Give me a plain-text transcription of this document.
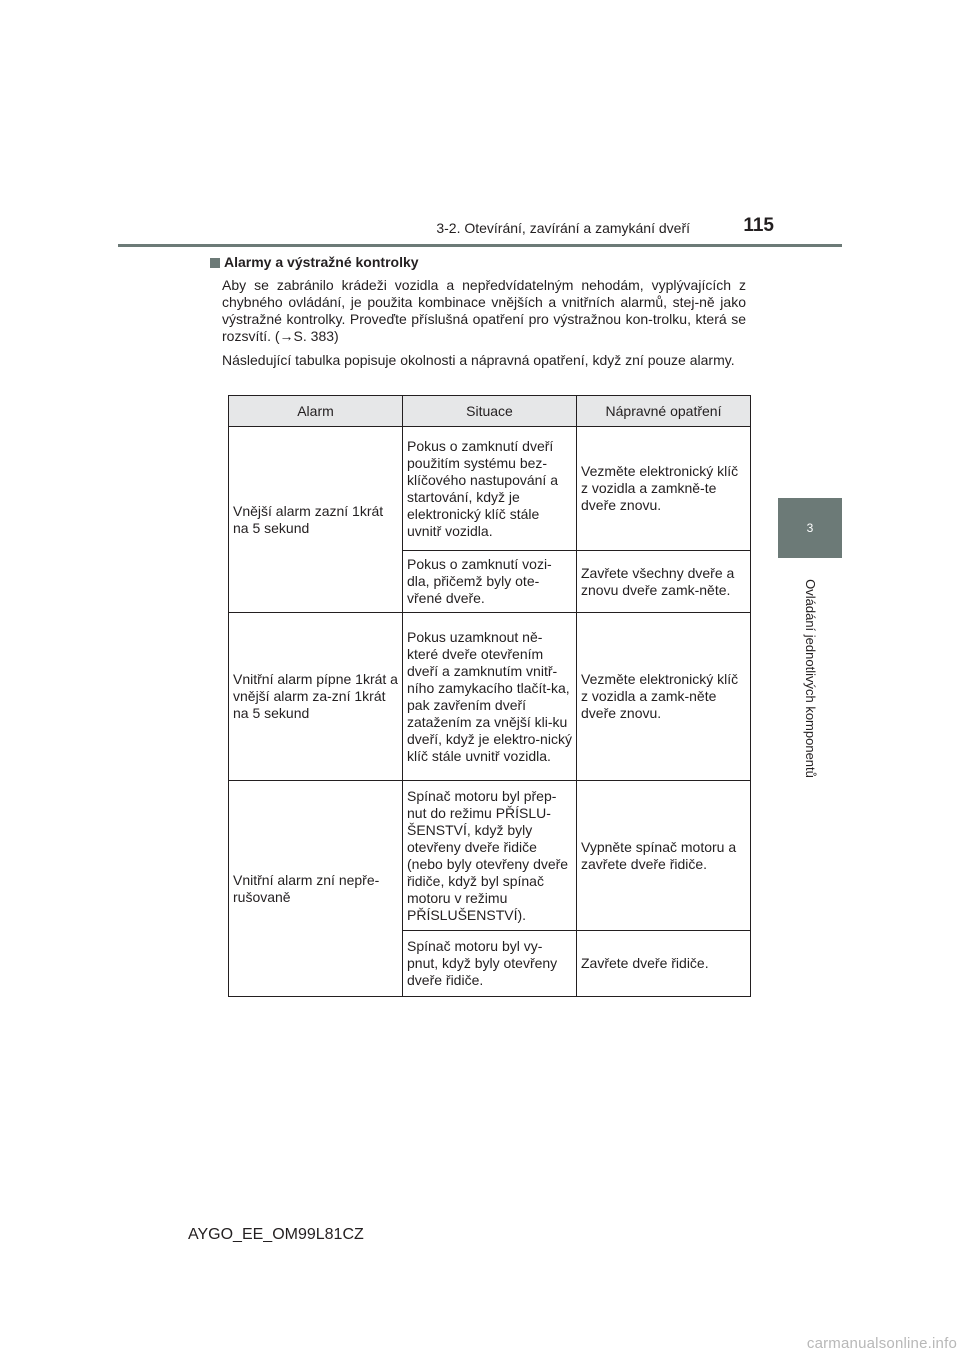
3-2. Otevírání, zavírání a zamykání dveří	115
3
Ovládání jednotlivých komponentů
Alarmy a výstražné kontrolky

Aby se zabránilo krádeži vozidla a nepředvídatelným nehodám, vyplývajících z chybného ovládání, je použita kombinace vnějších a vnitřních alarmů, stej-ně jako výstražné kontrolky. Proveďte příslušná opatření pro výstražnou kon-trolku, která se rozsvítí. (→S. 383)

Následující tabulka popisuje okolnosti a nápravná opatření, když zní pouze alarmy.

Alarm	Situace	Nápravné opatření
Vnější alarm zazní 1krát na 5 sekund	Pokus o zamknutí dveří použitím systému bez-klíčového nastupování a startování, když je elektronický klíč stále uvnitř vozidla.	Vezměte elektronický klíč z vozidla a zamkně-te dveře znovu.
	Pokus o zamknutí vozi-dla, přičemž byly ote-vřené dveře.	Zavřete všechny dveře a znovu dveře zamk-něte.
Vnitřní alarm pípne 1krát a vnější alarm za-zní 1krát na 5 sekund	Pokus uzamknout ně-které dveře otevřením dveří a zamknutím vnitř-ního zamykacího tlačít-ka, pak zavřením dveří zatažením za vnější kli-ku dveří, když je elektro-nický klíč stále uvnitř vozidla.	Vezměte elektronický klíč z vozidla a zamk-něte dveře znovu.
Vnitřní alarm zní nepře-rušovaně	Spínač motoru byl přep-nut do režimu PŘÍSLU-ŠENSTVÍ, když byly otevřeny dveře řidiče (nebo byly otevřeny dveře řidiče, když byl spínač motoru v režimu PŘÍSLUŠENSTVÍ).	Vypněte spínač motoru a zavřete dveře řidiče.
	Spínač motoru byl vy-pnut, když byly otevřeny dveře řidiče.	Zavřete dveře řidiče.
AYGO_EE_OM99L81CZ
carmanualsonline.info
